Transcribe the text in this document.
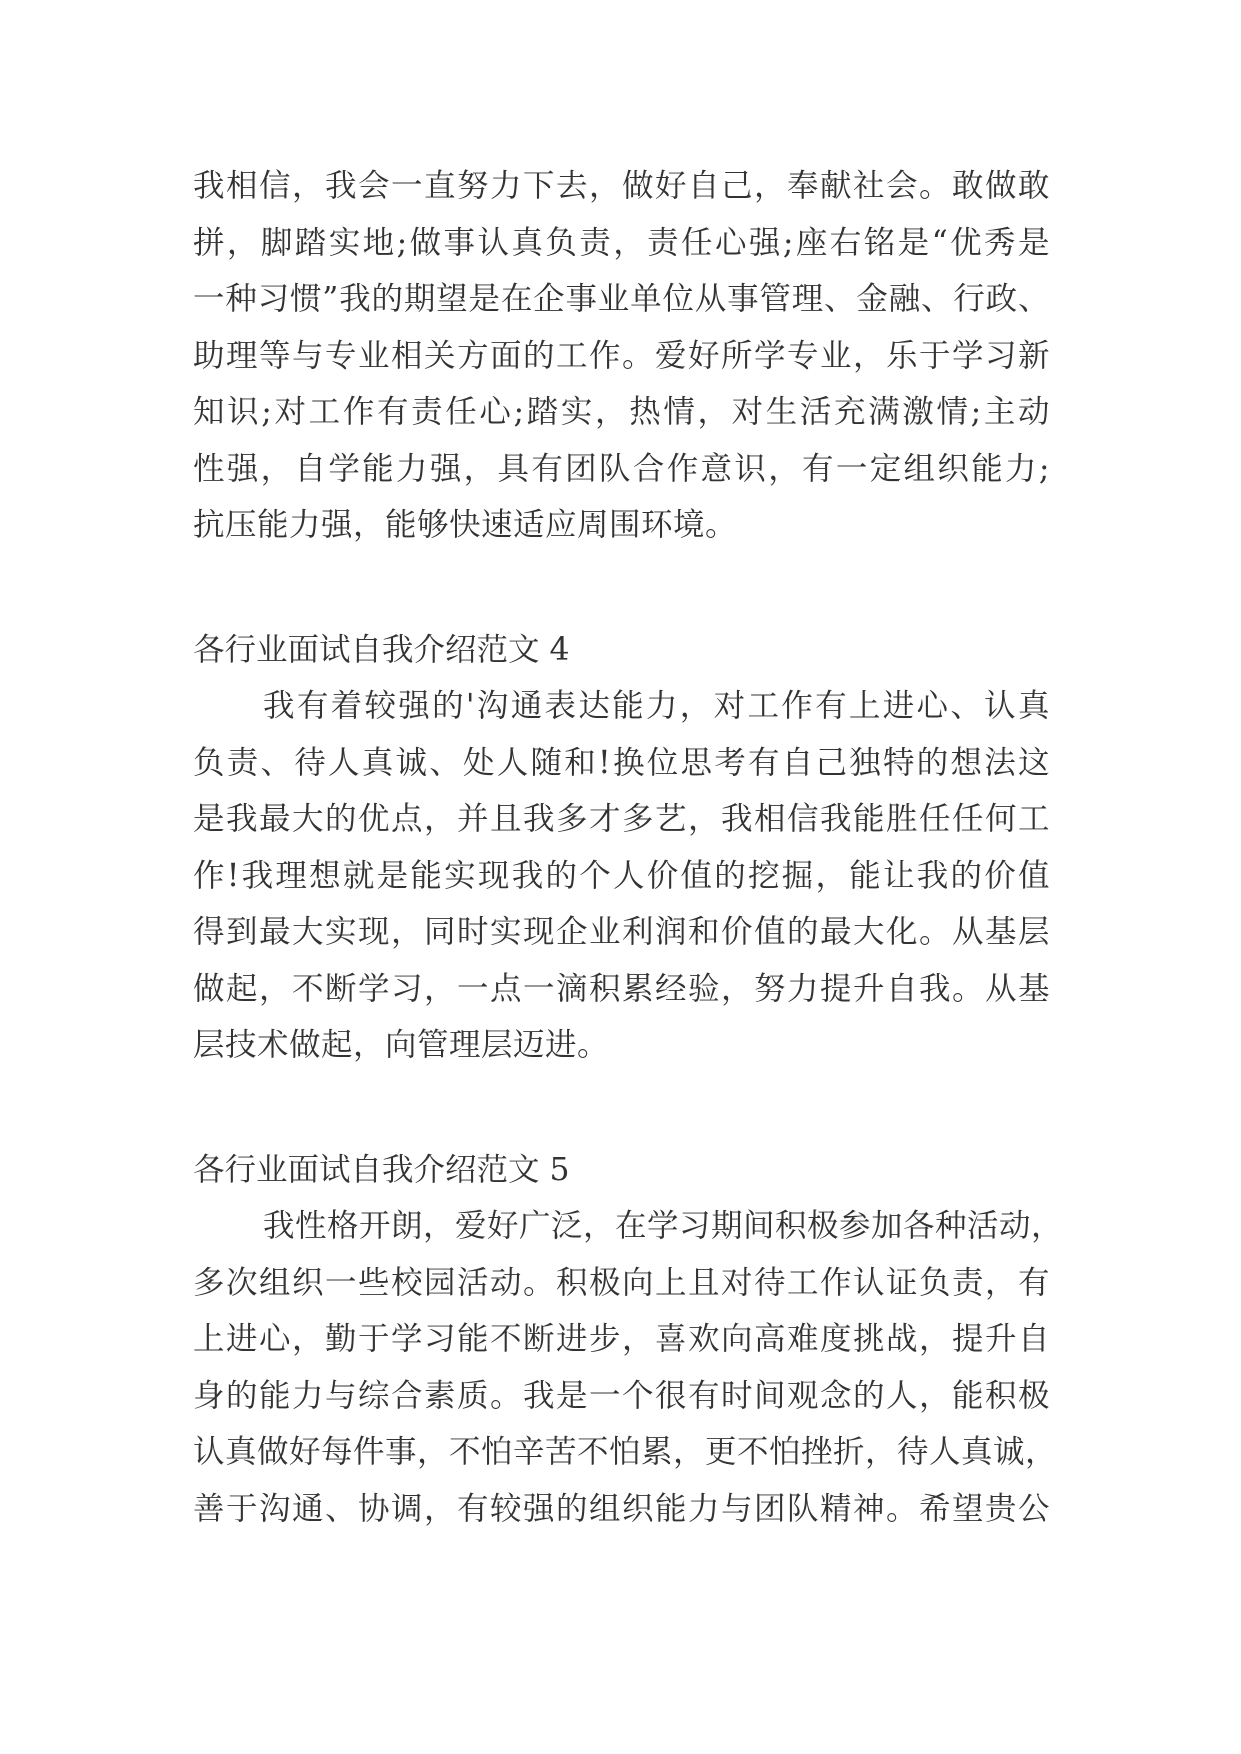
我相信，我会一直努力下去，做好自己，奉献社会。敢做敢
拼，脚踏实地;做事认真负责，责任心强;座右铭是“优秀是
一种习惯”我的期望是在企事业单位从事管理、金融、行政、
助理等与专业相关方面的工作。爱好所学专业，乐于学习新
知识;对工作有责任心;踏实，热情，对生活充满激情;主动
性强，自学能力强，具有团队合作意识，有一定组织能力;
抗压能力强，能够快速适应周围环境。
各行业面试自我介绍范文 4
我有着较强的'沟通表达能力，对工作有上进心、认真
负责、待人真诚、处人随和!换位思考有自己独特的想法这
是我最大的优点，并且我多才多艺，我相信我能胜任任何工
作!我理想就是能实现我的个人价值的挖掘，能让我的价值
得到最大实现，同时实现企业利润和价值的最大化。从基层
做起，不断学习，一点一滴积累经验，努力提升自我。从基
层技术做起，向管理层迈进。
各行业面试自我介绍范文 5
我性格开朗，爱好广泛，在学习期间积极参加各种活动，
多次组织一些校园活动。积极向上且对待工作认证负责，有
上进心，勤于学习能不断进步，喜欢向高难度挑战，提升自
身的能力与综合素质。我是一个很有时间观念的人，能积极
认真做好每件事，不怕辛苦不怕累，更不怕挫折，待人真诚，
善于沟通、协调，有较强的组织能力与团队精神。希望贵公
